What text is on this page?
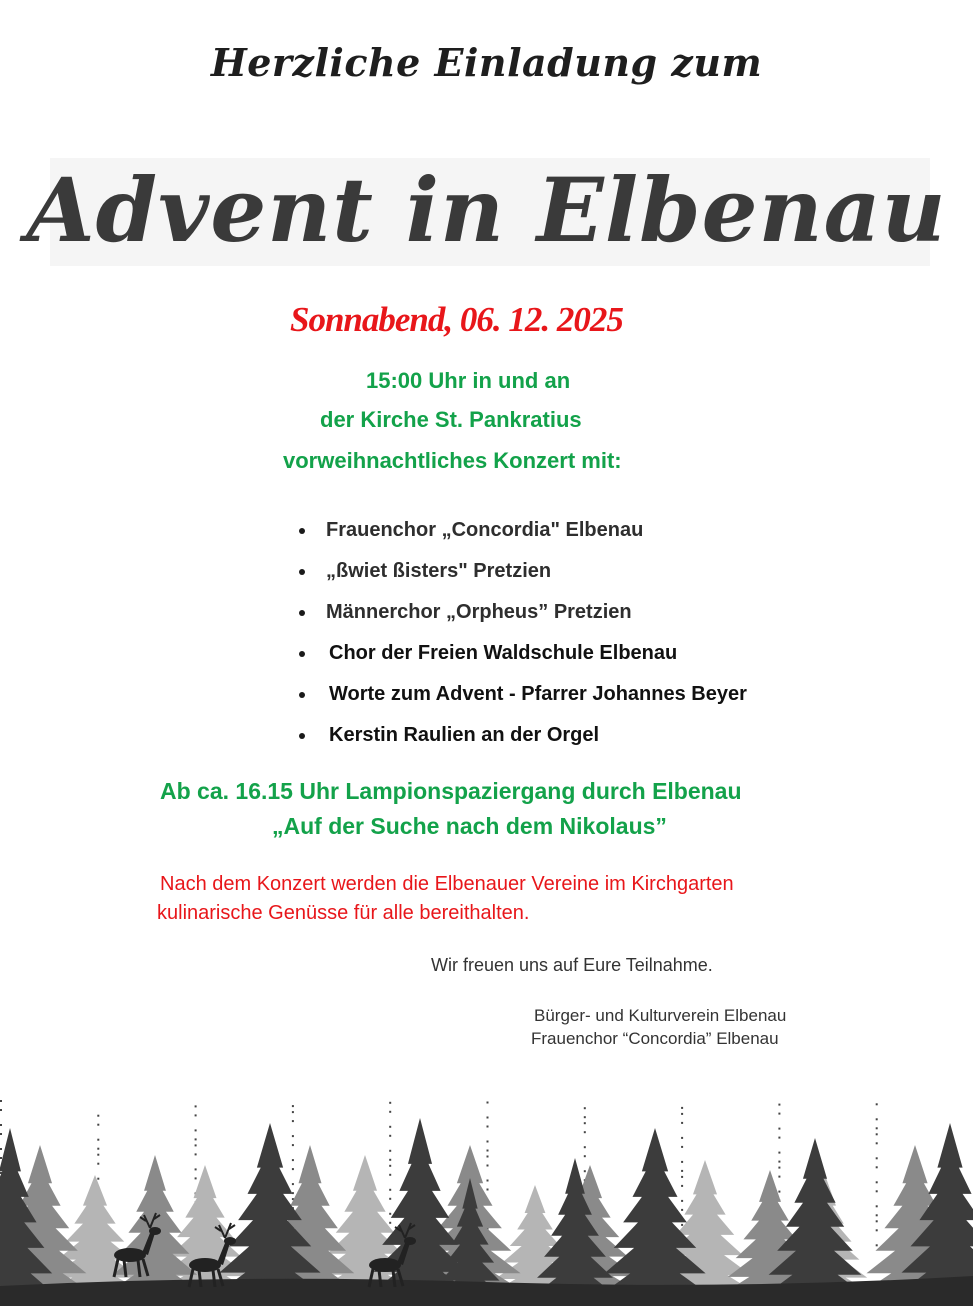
Herzliche Einladung zum
Advent in Elbenau
Sonnabend, 06. 12. 2025
15:00 Uhr in und an
der Kirche St. Pankratius
vorweihnachtliches Konzert mit:
Frauenchor „Concordia" Elbenau
„ßwiet ßisters" Pretzien
Männerchor „Orpheus” Pretzien
Chor der Freien Waldschule Elbenau
Worte zum Advent - Pfarrer Johannes Beyer
Kerstin Raulien an der Orgel
Ab ca. 16.15 Uhr Lampionspaziergang durch Elbenau
„Auf der Suche nach dem Nikolaus”
Nach dem Konzert werden die Elbenauer Vereine im Kirchgarten
kulinarische Genüsse für alle bereithalten.
Wir freuen uns auf Eure Teilnahme.
Bürger- und Kulturverein Elbenau
Frauenchor “Concordia” Elbenau
